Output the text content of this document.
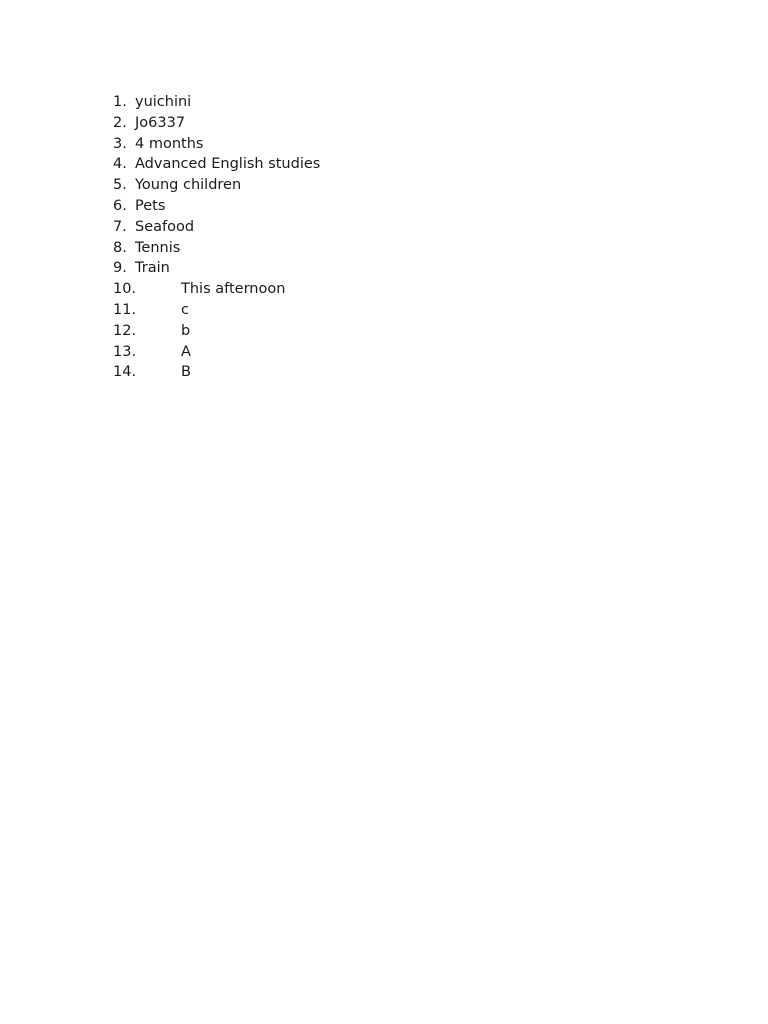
1. yuichini
2. Jo6337
3. 4 months
4. Advanced English studies
5. Young children
6. Pets
7. Seafood
8. Tennis
9. Train
10.	This afternoon
11.	c
12.	b
13.	A
14.	B
